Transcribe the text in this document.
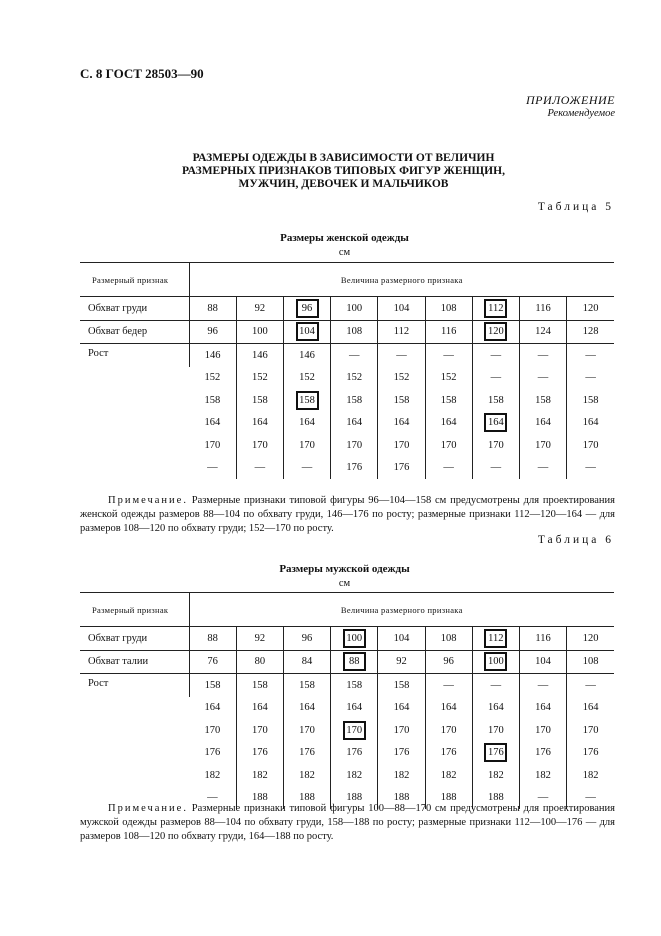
С. 8 ГОСТ 28503—90
ПРИЛОЖЕНИЕ
Рекомендуемое
РАЗМЕРЫ ОДЕЖДЫ В ЗАВИСИМОСТИ ОТ ВЕЛИЧИН
РАЗМЕРНЫХ ПРИЗНАКОВ ТИПОВЫХ ФИГУР ЖЕНЩИН,
МУЖЧИН, ДЕВОЧЕК И МАЛЬЧИКОВ
Таблица 5
Размеры женской одежды
см
Размерный признак	Величина размерного признака								
Обхват груди	88	92	96	100	104	108	112	116	120
Обхват бедер	96	100	104	108	112	116	120	124	128
Рост	146	146	146	—	—	—	—	—	—
	152	152	152	152	152	152	—	—	—
	158	158	158	158	158	158	158	158	158
	164	164	164	164	164	164	164	164	164
	170	170	170	170	170	170	170	170	170
	—	—	—	176	176	—	—	—	—
Примечание. Размерные признаки типовой фигуры 96—104—158 см предусмотрены для проектирования женской одежды размеров 88—104 по обхвату груди, 146—176 по росту; размерные признаки 112—120—164 — для размеров 108—120 по обхвату груди; 152—170 по росту.
Таблица 6
Размеры мужской одежды
см
Размерный признак	Величина размерного признака								
Обхват груди	88	92	96	100	104	108	112	116	120
Обхват талии	76	80	84	88	92	96	100	104	108
Рост	158	158	158	158	158	—	—	—	—
	164	164	164	164	164	164	164	164	164
	170	170	170	170	170	170	170	170	170
	176	176	176	176	176	176	176	176	176
	182	182	182	182	182	182	182	182	182
	—	188	188	188	188	188	188	—	—
Примечание. Размерные признаки типовой фигуры 100—88—170 см предусмотрены для проектирования мужской одежды размеров 88—104 по обхвату груди, 158—188 по росту; размерные признаки 112—100—176 — для размеров 108—120 по обхвату груди, 164—188 по росту.
